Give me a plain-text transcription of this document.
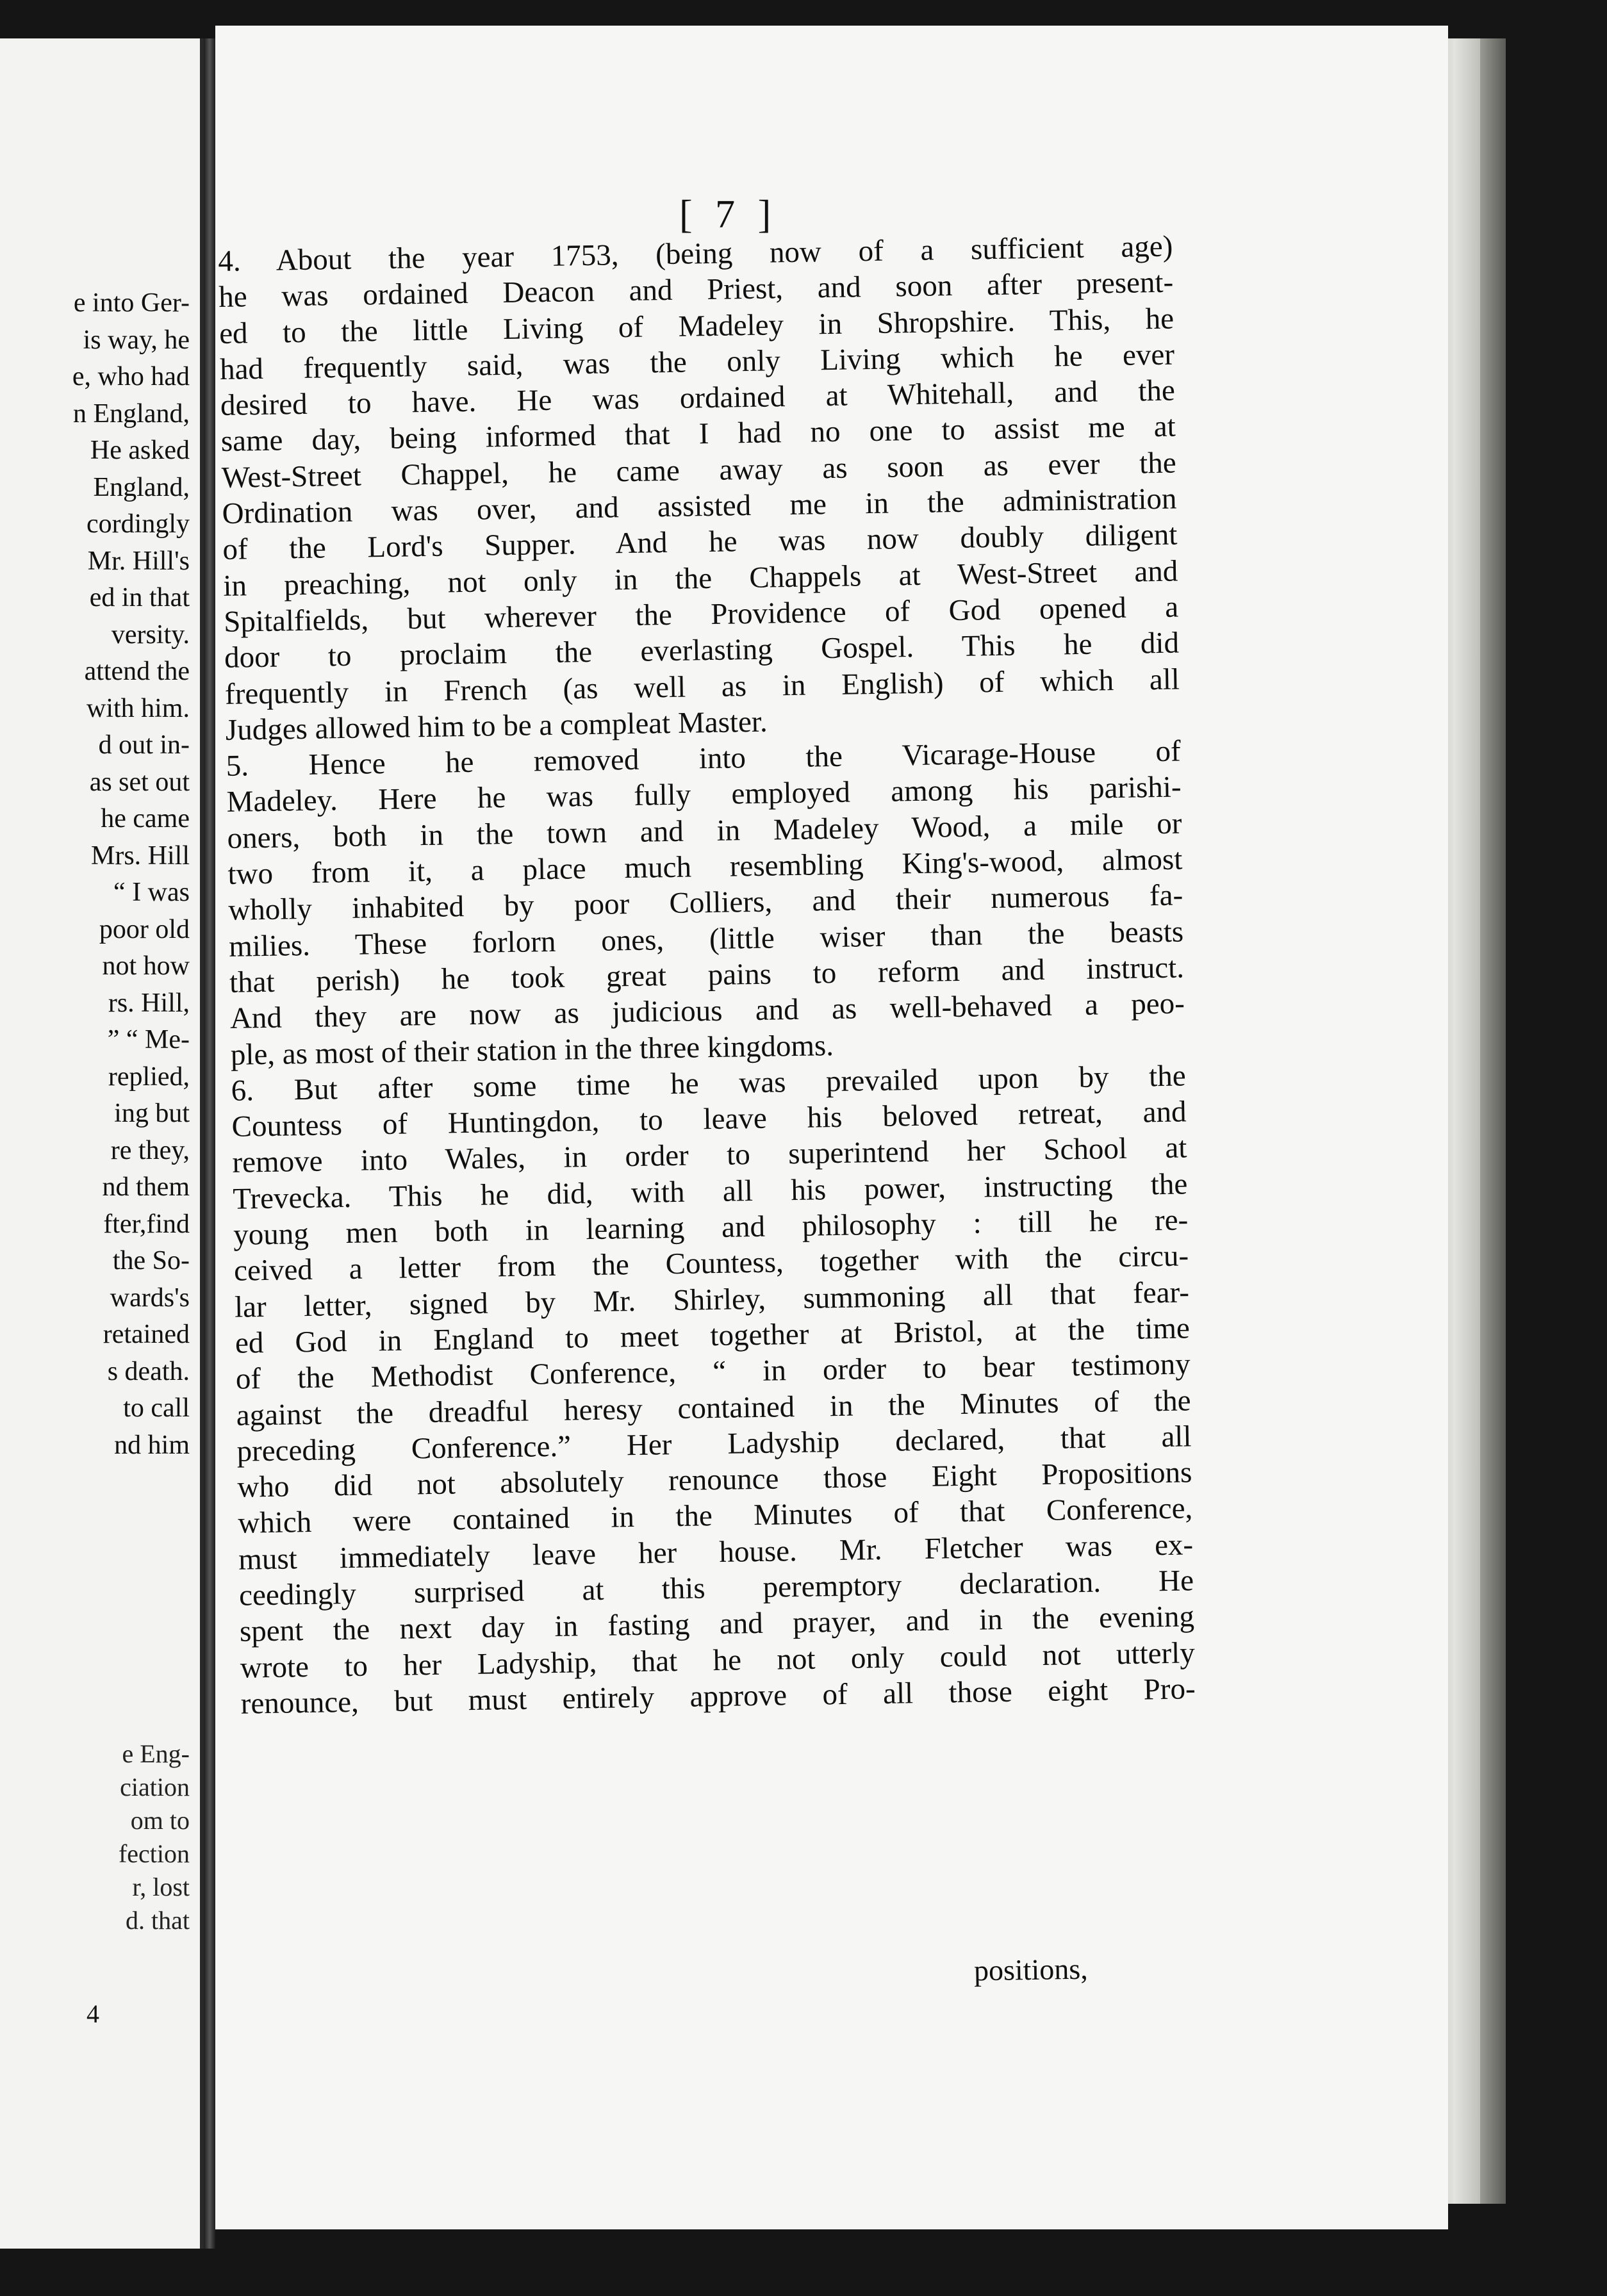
e into Ger-
is way, he
e, who had
n England,
He asked
England,
cordingly
Mr. Hill's
ed in that
versity.
attend the
with him.
d out in-
as set out
he came
Mrs. Hill
“ I was
poor old
not how
rs. Hill,
” “ Me-
replied,
ing but
re they,
nd them
fter,find
the So-
wards's
retained
s death.
to call
nd him
e Eng-
ciation
om to
fection
r, lost
d. that
4
[ 7 ]
4. About the year 1753, (being now of a sufficient age)
he was ordained Deacon and Priest, and soon after present-
ed to the little Living of Madeley in Shropshire. This, he
had frequently said, was the only Living which he ever
desired to have. He was ordained at Whitehall, and the
same day, being informed that I had no one to assist me at
West-Street Chappel, he came away as soon as ever the
Ordination was over, and assisted me in the administration
of the Lord's Supper. And he was now doubly diligent
in preaching, not only in the Chappels at West-Street and
Spitalfields, but wherever the Providence of God opened a
door to proclaim the everlasting Gospel. This he did
frequently in French (as well as in English) of which all
Judges allowed him to be a compleat Master.
5. Hence he removed into the Vicarage-House of
Madeley. Here he was fully employed among his parishi-
oners, both in the town and in Madeley Wood, a mile or
two from it, a place much resembling King's-wood, almost
wholly inhabited by poor Colliers, and their numerous fa-
milies. These forlorn ones, (little wiser than the beasts
that perish) he took great pains to reform and instruct.
And they are now as judicious and as well-behaved a peo-
ple, as most of their station in the three kingdoms.
6. But after some time he was prevailed upon by the
Countess of Huntingdon, to leave his beloved retreat, and
remove into Wales, in order to superintend her School at
Trevecka. This he did, with all his power, instructing the
young men both in learning and philosophy : till he re-
ceived a letter from the Countess, together with the circu-
lar letter, signed by Mr. Shirley, summoning all that fear-
ed God in England to meet together at Bristol, at the time
of the Methodist Conference, “ in order to bear testimony
against the dreadful heresy contained in the Minutes of the
preceding Conference.” Her Ladyship declared, that all
who did not absolutely renounce those Eight Propositions
which were contained in the Minutes of that Conference,
must immediately leave her house. Mr. Fletcher was ex-
ceedingly surprised at this peremptory declaration. He
spent the next day in fasting and prayer, and in the evening
wrote to her Ladyship, that he not only could not utterly
renounce, but must entirely approve of all those eight Pro-
positions,
